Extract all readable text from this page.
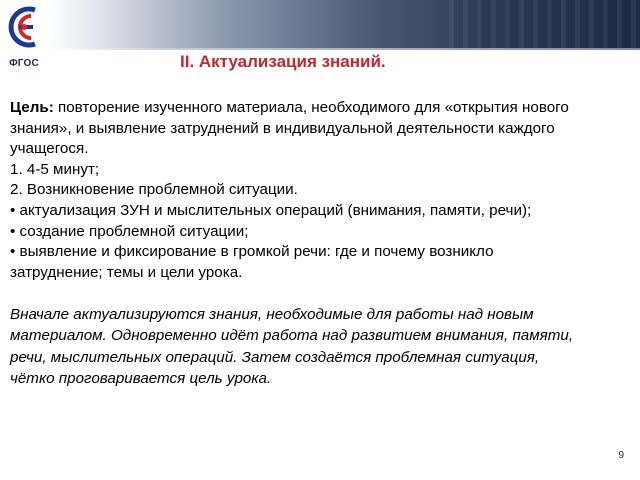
ФГОС	II. Актуализация знаний.

Цель: повторение изученного материала, необходимого для «открытия нового знания», и выявление затруднений в индивидуальной деятельности каждого учащегося.

1. 4-5 минут;

2. Возникновение проблемной ситуации.

• актуализация ЗУН и мыслительных операций (внимания, памяти, речи);

• создание проблемной ситуации;

• выявление и фиксирование в громкой речи: где и почему возникло затруднение; темы и цели урока.

Вначале актуализируются знания, необходимые для работы над новым материалом. Одновременно идёт работа над развитием внимания, памяти, речи, мыслительных операций. Затем создаётся проблемная ситуация, чётко проговаривается цель урока.

9
